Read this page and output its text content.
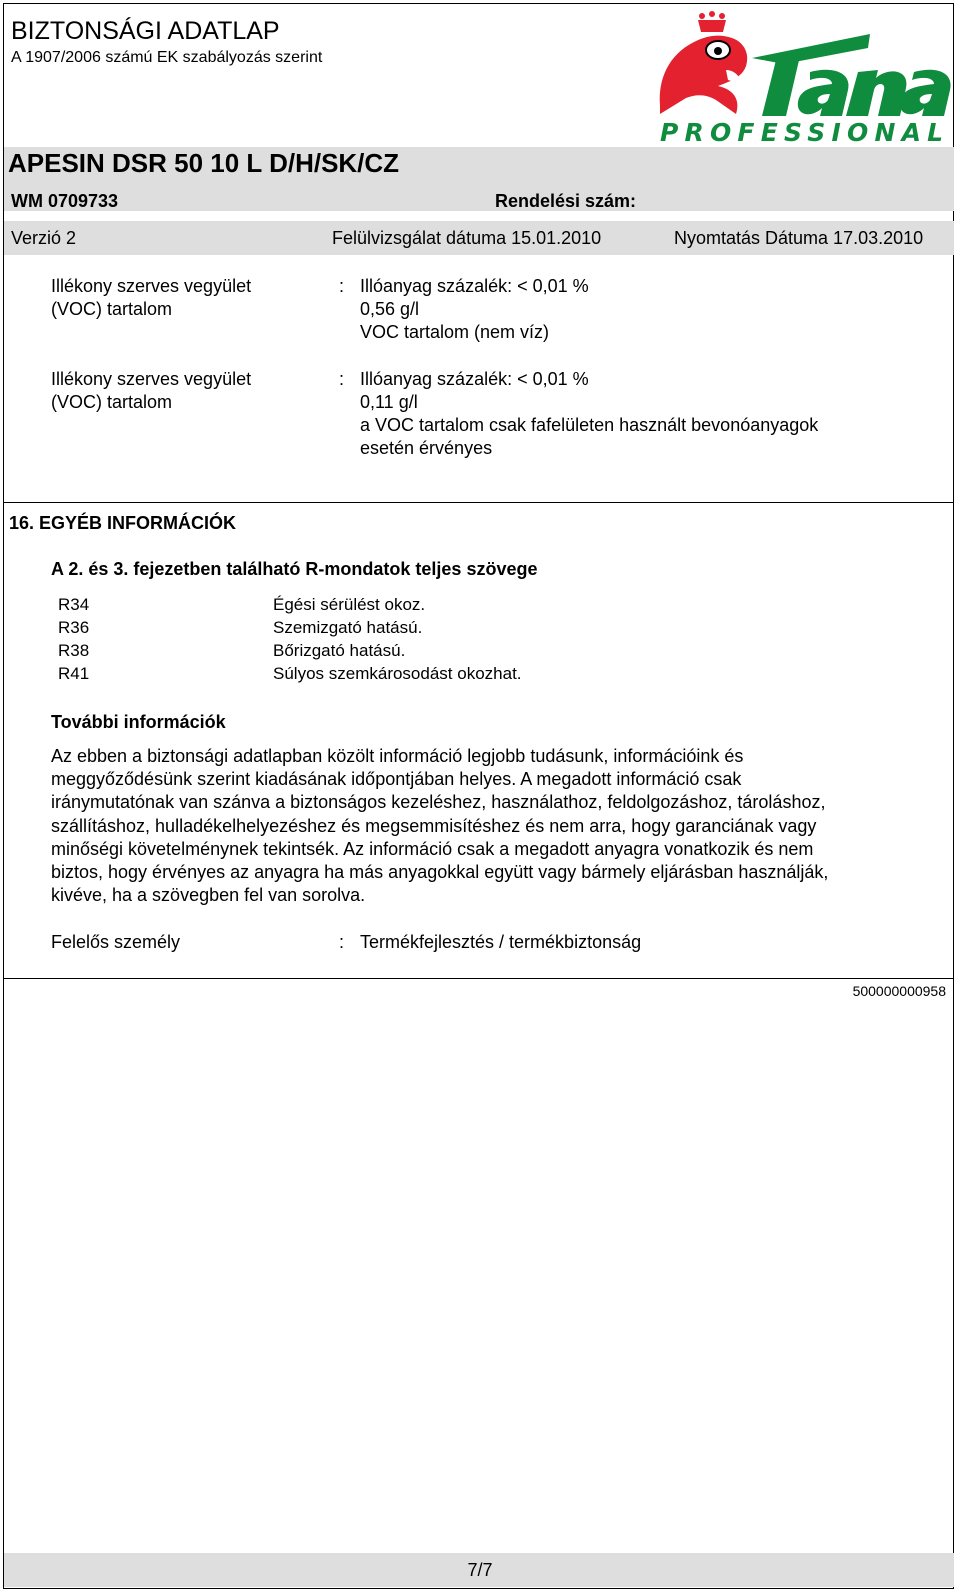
BIZTONSÁGI ADATLAP
A 1907/2006 számú EK szabályozás szerint
PROFESSIONAL
APESIN DSR 50 10 L D/H/SK/CZ
WM 0709733	Rendelési szám:
Verzió 2	Felülvizsgálat dátuma 15.01.2010	Nyomtatás Dátuma 17.03.2010
Illékony szerves vegyület
(VOC) tartalom
: Illóanyag százalék: < 0,01 %
0,56 g/l
VOC tartalom (nem víz)
Illékony szerves vegyület
(VOC) tartalom
: Illóanyag százalék: < 0,01 %
0,11 g/l
a VOC tartalom csak fafelületen használt bevonóanyagok
esetén érvényes
16. EGYÉB INFORMÁCIÓK
A 2. és 3. fejezetben található R-mondatok teljes szövege
R34	Égési sérülést okoz.
R36	Szemizgató hatású.
R38	Bőrizgató hatású.
R41	Súlyos szemkárosodást okozhat.
További információk
Az ebben a biztonsági adatlapban közölt információ legjobb tudásunk, információink és
meggyőződésünk szerint kiadásának időpontjában helyes. A megadott információ csak
iránymutatónak van szánva a biztonságos kezeléshez, használathoz, feldolgozáshoz, tároláshoz,
szállításhoz, hulladékelhelyezéshez és megsemmisítéshez és nem arra, hogy garanciának vagy
minőségi követelménynek tekintsék. Az információ csak a megadott anyagra vonatkozik és nem
biztos, hogy érvényes az anyagra ha más anyagokkal együtt vagy bármely eljárásban használják,
kivéve, ha a szövegben fel van sorolva.
Felelős személy	: Termékfejlesztés / termékbiztonság
500000000958
7/7
